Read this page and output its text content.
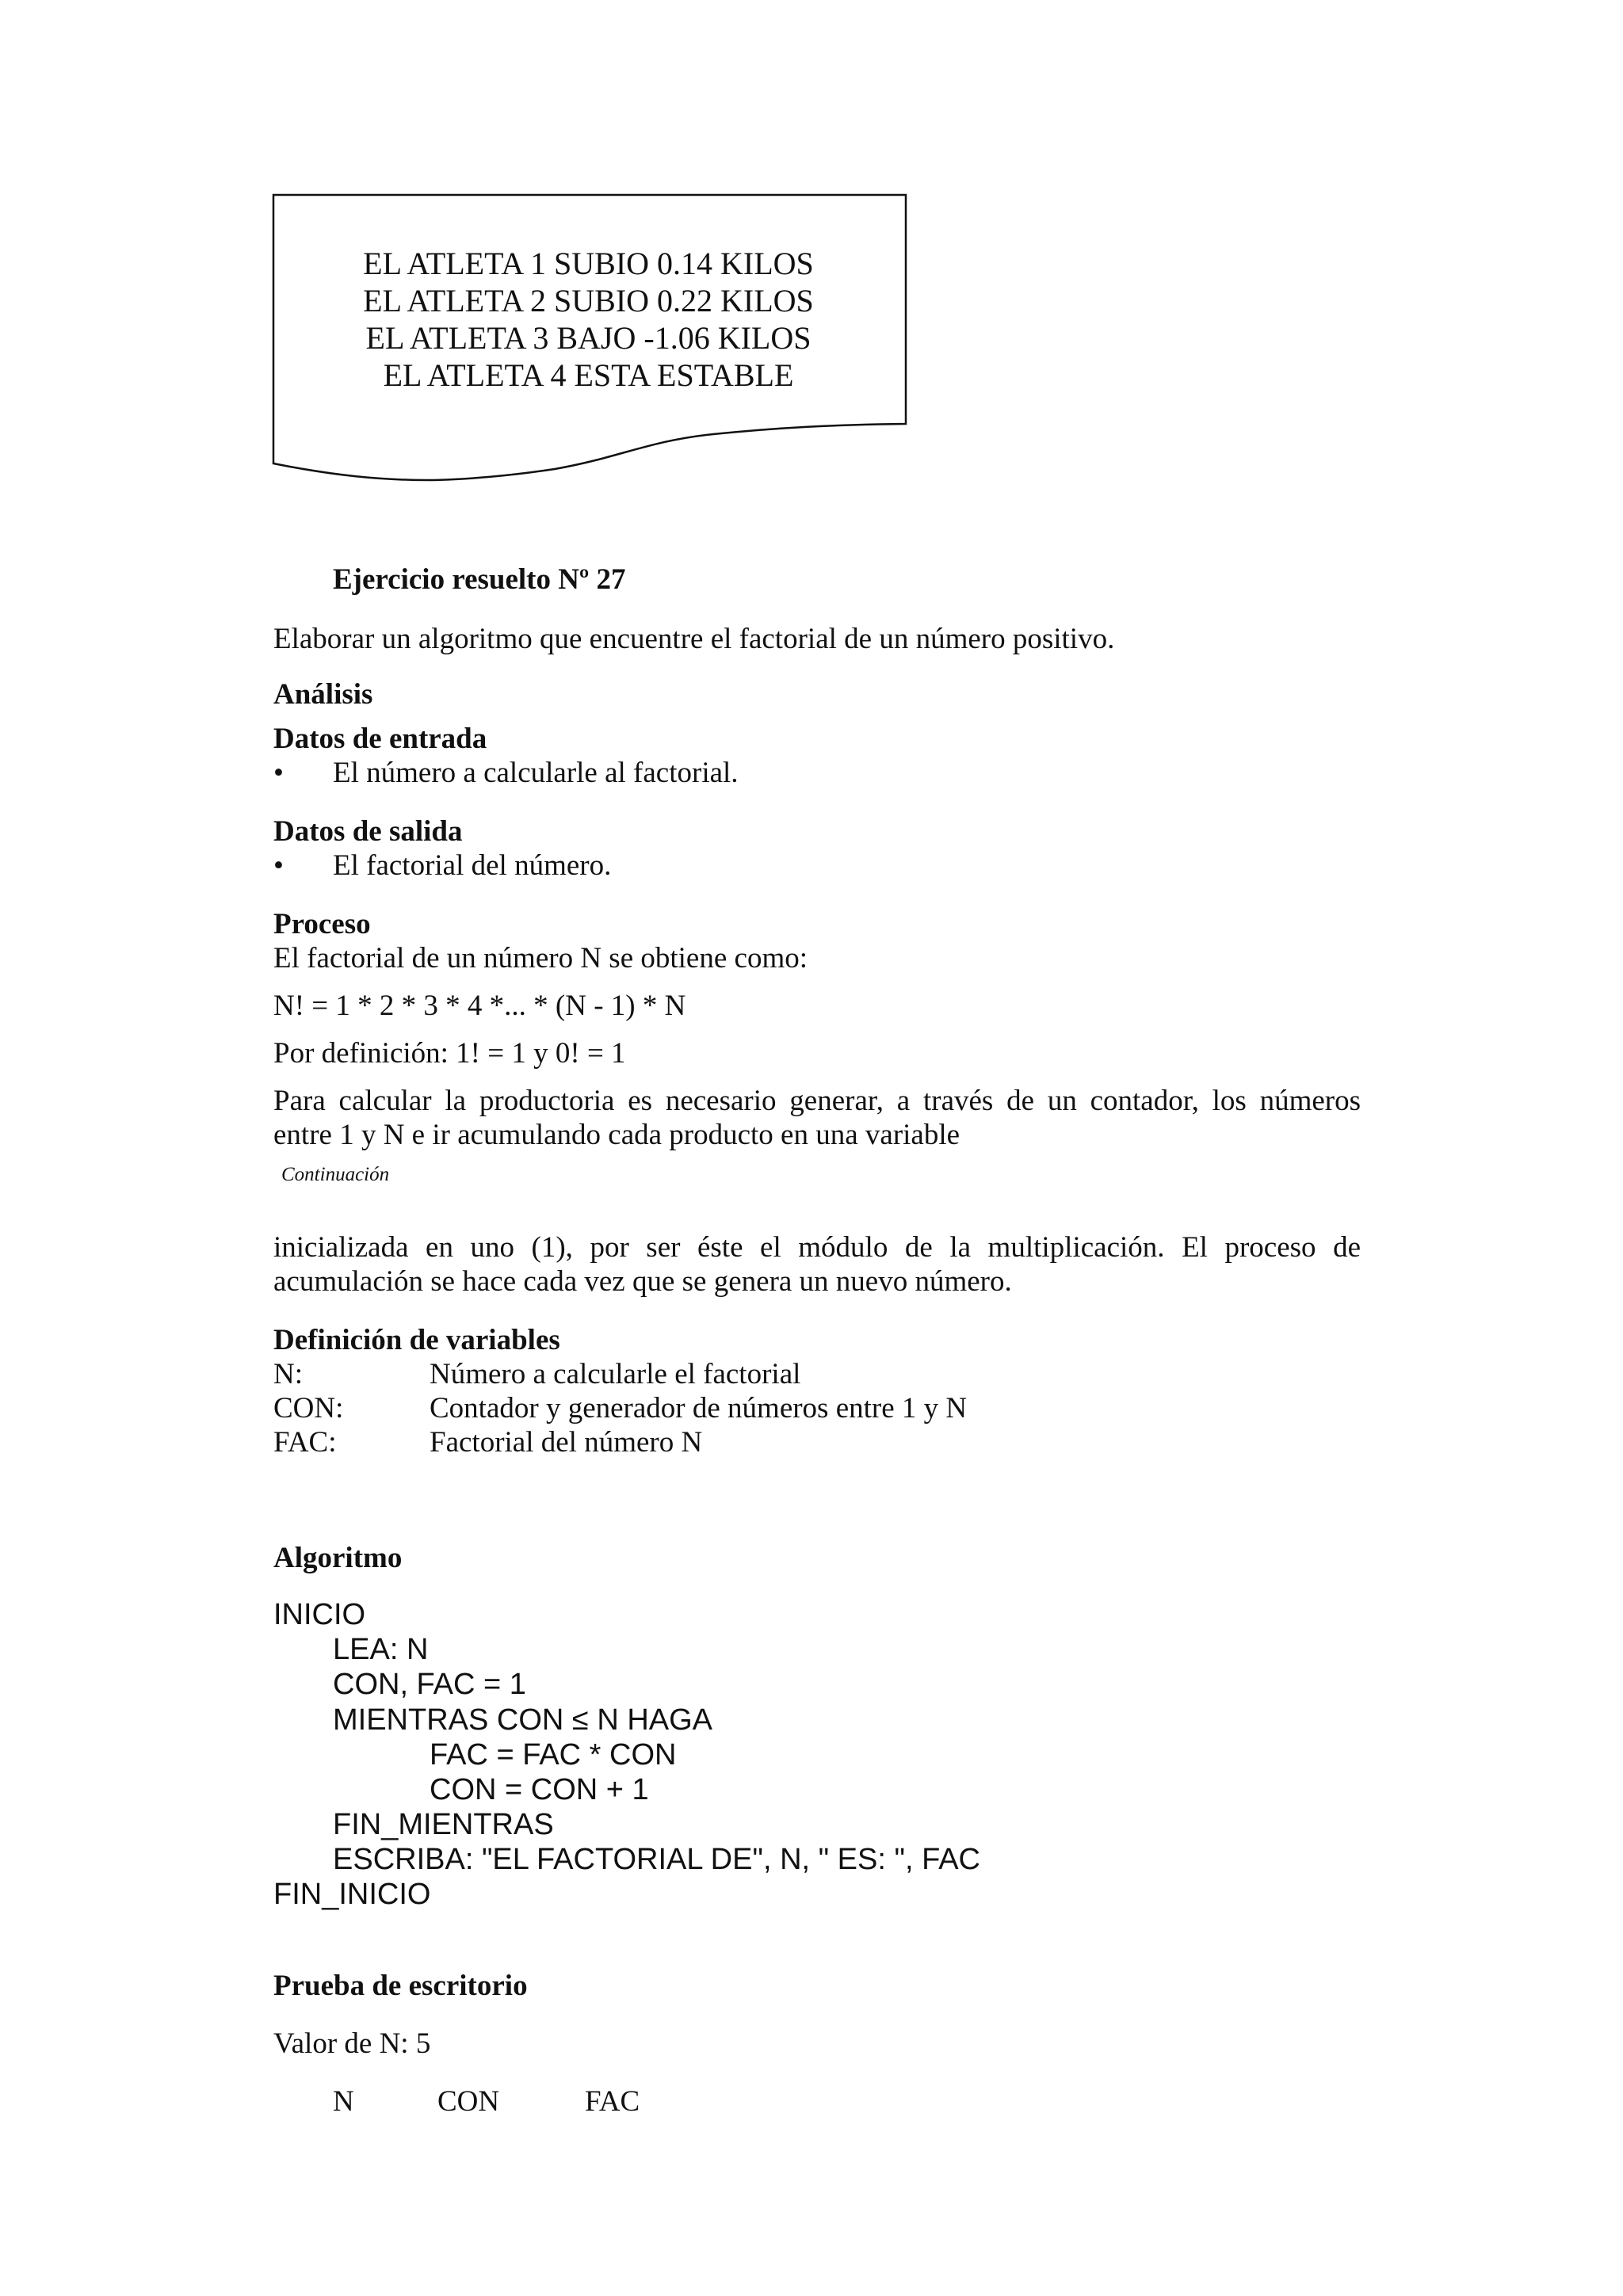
EL ATLETA 1 SUBIO 0.14 KILOS
EL ATLETA 2 SUBIO 0.22 KILOS
EL ATLETA 3 BAJO -1.06 KILOS
EL ATLETA 4 ESTA ESTABLE
Ejercicio resuelto Nº 27
Elaborar un algoritmo que encuentre el factorial de un número positivo.
Análisis
Datos de entrada
• El número a calcularle al factorial.
Datos de salida
• El factorial del número.
Proceso
El factorial de un número N se obtiene como:
N! = 1 * 2 * 3 * 4 *... * (N - 1) * N
Por definición: 1! = 1 y 0! = 1
Para calcular la productoria es necesario generar, a través de un contador, los números
entre 1 y N e ir acumulando cada producto en una variable
Continuación
inicializada en uno (1), por ser éste el módulo de la multiplicación. El proceso de
acumulación se hace cada vez que se genera un nuevo número.
Definición de variables
N:	Número a calcularle el factorial
CON:	Contador y generador de números entre 1 y N
FAC:	Factorial del número N
Algoritmo
INICIO
LEA: N
CON, FAC = 1
MIENTRAS CON ≤ N HAGA
FAC = FAC * CON
CON = CON + 1
FIN_MIENTRAS
ESCRIBA: "EL FACTORIAL DE", N, " ES: ", FAC
FIN_INICIO
Prueba de escritorio
Valor de N: 5
N	CON	FAC
